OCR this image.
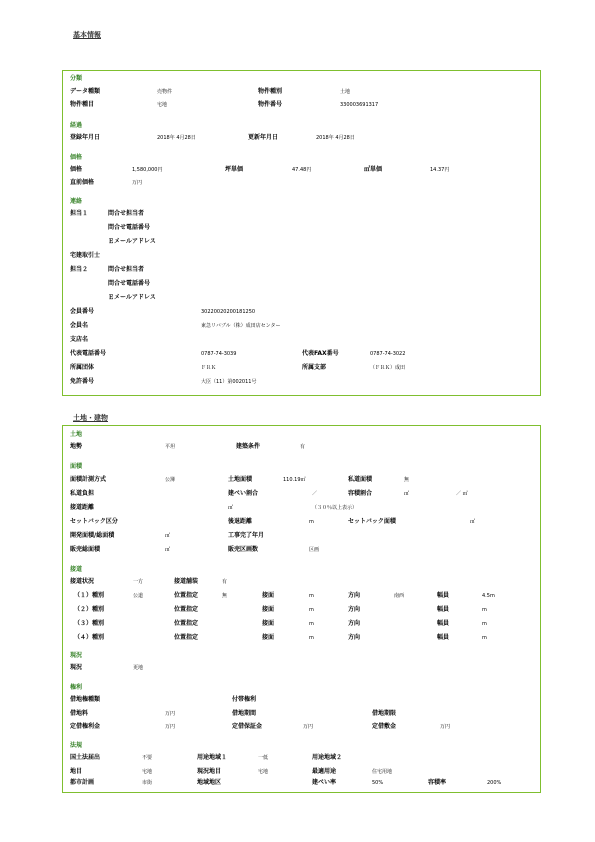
基本情報
分類
データ種類	売物件	物件種別	土地
物件種目	宅地	物件番号	330003691317
経過
登録年月日	2018年 4月28日	更新年月日	2018年 4月28日
価格
価格	1,580,000円	坪単価	47.48円	㎡単価	14.37円
直前価格	万円
連絡
担当１	問合せ担当者
問合せ電話番号
Ｅメールアドレス
宅建取引士
担当２	問合せ担当者
問合せ電話番号
Ｅメールアドレス
会員番号	30220020200181250
会員名	東急リバブル（株）成田店センター
支店名
代表電話番号	0787-74-3039	代表FAX番号	0787-74-3022
所属団体	ＦＲＫ	所属支部	（ＦＲＫ）成田
免許番号	大臣（11）第002011号
土地・建物
土地
地勢	平坦	建築条件	有
面積
面積計測方式	公簿	土地面積	110.19㎡	私道面積	無
私道負担	建ぺい割合	／	容積割合	㎡	／ ㎡
接道距離	㎡	（３０％以上表示）
セットバック区分	後退距離	m	セットバック面積	㎡
開発面積/総面積	㎡	工事完了年月
販売総面積	㎡	販売区画数	区画
接道
接道状況	一方	接道舗装	有
（１）種別	公道	位置指定	無	接面	m	方向	南西	幅員	4.5m
（２）種別	位置指定	接面	m	方向	幅員	m
（３）種別	位置指定	接面	m	方向	幅員	m
（４）種別	位置指定	接面	m	方向	幅員	m
現況
現況	更地
権利
借地権種類	付帯権利
借地料	万円	借地期間	借地期限
定借権利金	万円	定借保証金	万円	定借敷金	万円
法規
国土法届出	不要	用途地域１	一低	用途地域２
地目	宅地	現況地目	宅地	最適用途	住宅用地
都市計画	市街	地域地区	建ぺい率	50%	容積率	200%
